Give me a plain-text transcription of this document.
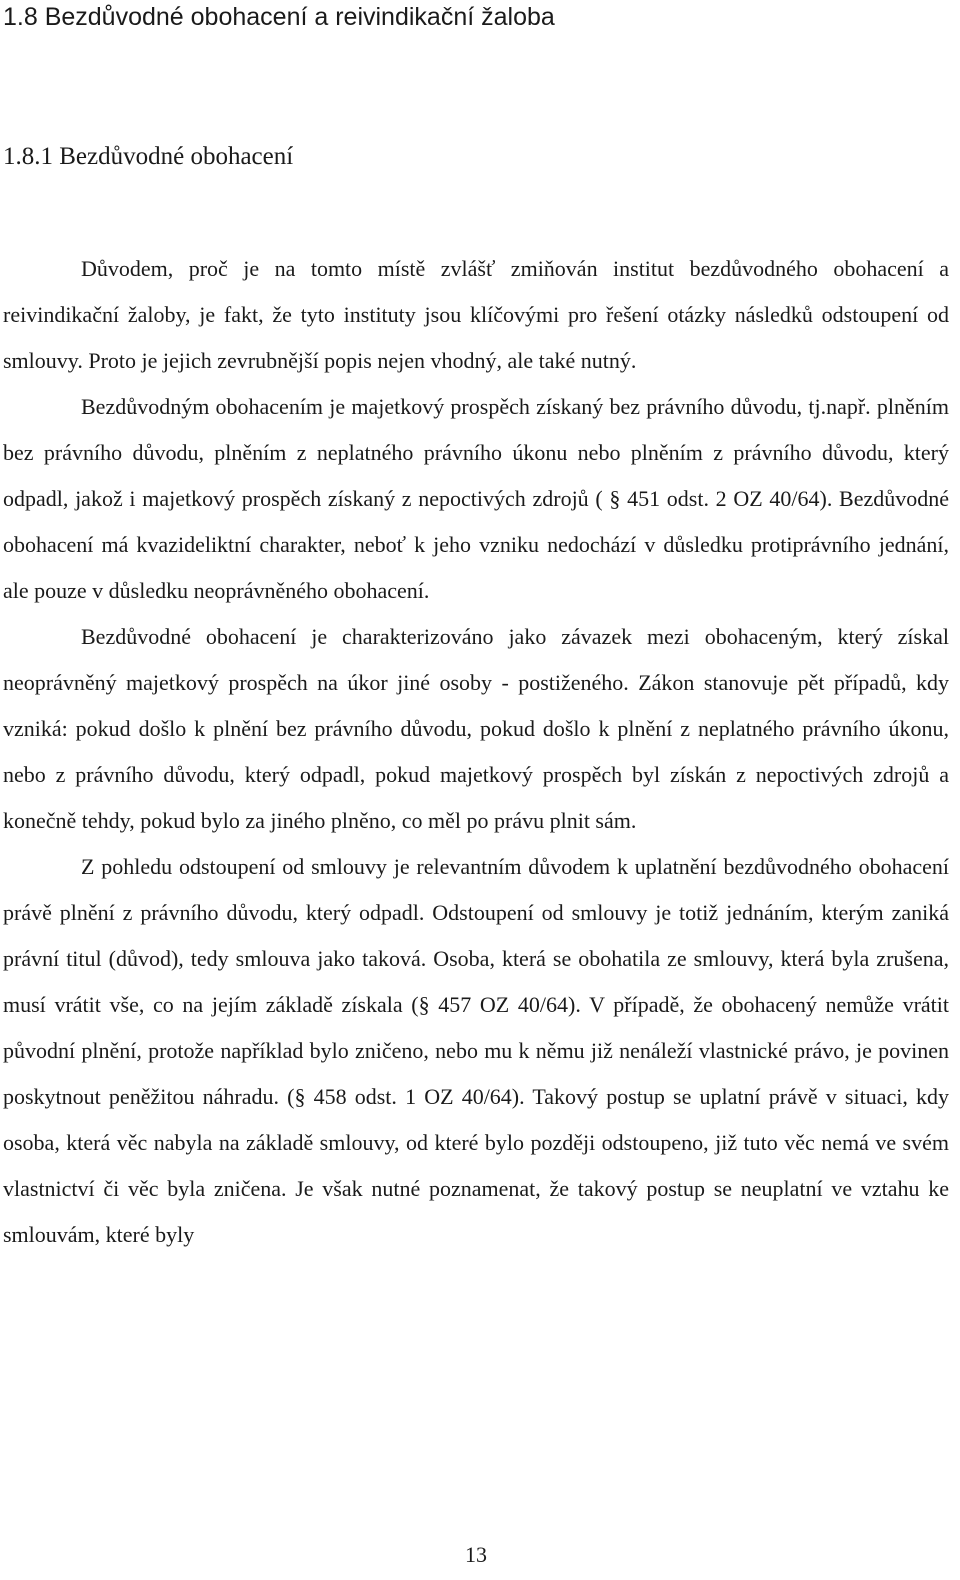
1.8 Bezdůvodné obohacení a reivindikační žaloba
1.8.1 Bezdůvodné obohacení

Důvodem, proč je na tomto místě zvlášť zmiňován institut bezdůvodného obohacení a reivindikační žaloby, je fakt, že tyto instituty jsou klíčovými pro řešení otázky následků odstoupení od smlouvy. Proto je jejich zevrubnější popis nejen vhodný, ale také nutný.

Bezdůvodným obohacením je majetkový prospěch získaný bez právního důvodu, tj.např. plněním bez právního důvodu, plněním z neplatného právního úkonu nebo plněním z právního důvodu, který odpadl, jakož i majetkový prospěch získaný z nepoctivých zdrojů ( § 451 odst. 2 OZ 40/64). Bezdůvodné obohacení má kvazideliktní charakter, neboť k jeho vzniku nedochází v důsledku protiprávního jednání, ale pouze v důsledku neoprávněného obohacení.

Bezdůvodné obohacení je charakterizováno jako závazek mezi obohaceným, který získal neoprávněný majetkový prospěch na úkor jiné osoby - postiženého. Zákon stanovuje pět případů, kdy vzniká: pokud došlo k plnění bez právního důvodu, pokud došlo k plnění z neplatného právního úkonu, nebo z právního důvodu, který odpadl, pokud majetkový prospěch byl získán z nepoctivých zdrojů a konečně tehdy, pokud bylo za jiného plněno, co měl po právu plnit sám.

Z pohledu odstoupení od smlouvy je relevantním důvodem k uplatnění bezdůvodného obohacení právě plnění z právního důvodu, který odpadl. Odstoupení od smlouvy je totiž jednáním, kterým zaniká právní titul (důvod), tedy smlouva jako taková. Osoba, která se obohatila ze smlouvy, která byla zrušena, musí vrátit vše, co na jejím základě získala (§ 457 OZ 40/64). V případě, že obohacený nemůže vrátit původní plnění, protože například bylo zničeno, nebo mu k němu již nenáleží vlastnické právo, je povinen poskytnout peněžitou náhradu. (§ 458 odst. 1 OZ 40/64). Takový postup se uplatní právě v situaci, kdy osoba, která věc nabyla na základě smlouvy, od které bylo později odstoupeno, již tuto věc nemá ve svém vlastnictví či věc byla zničena. Je však nutné poznamenat, že takový postup se neuplatní ve vztahu ke smlouvám, které byly

13
